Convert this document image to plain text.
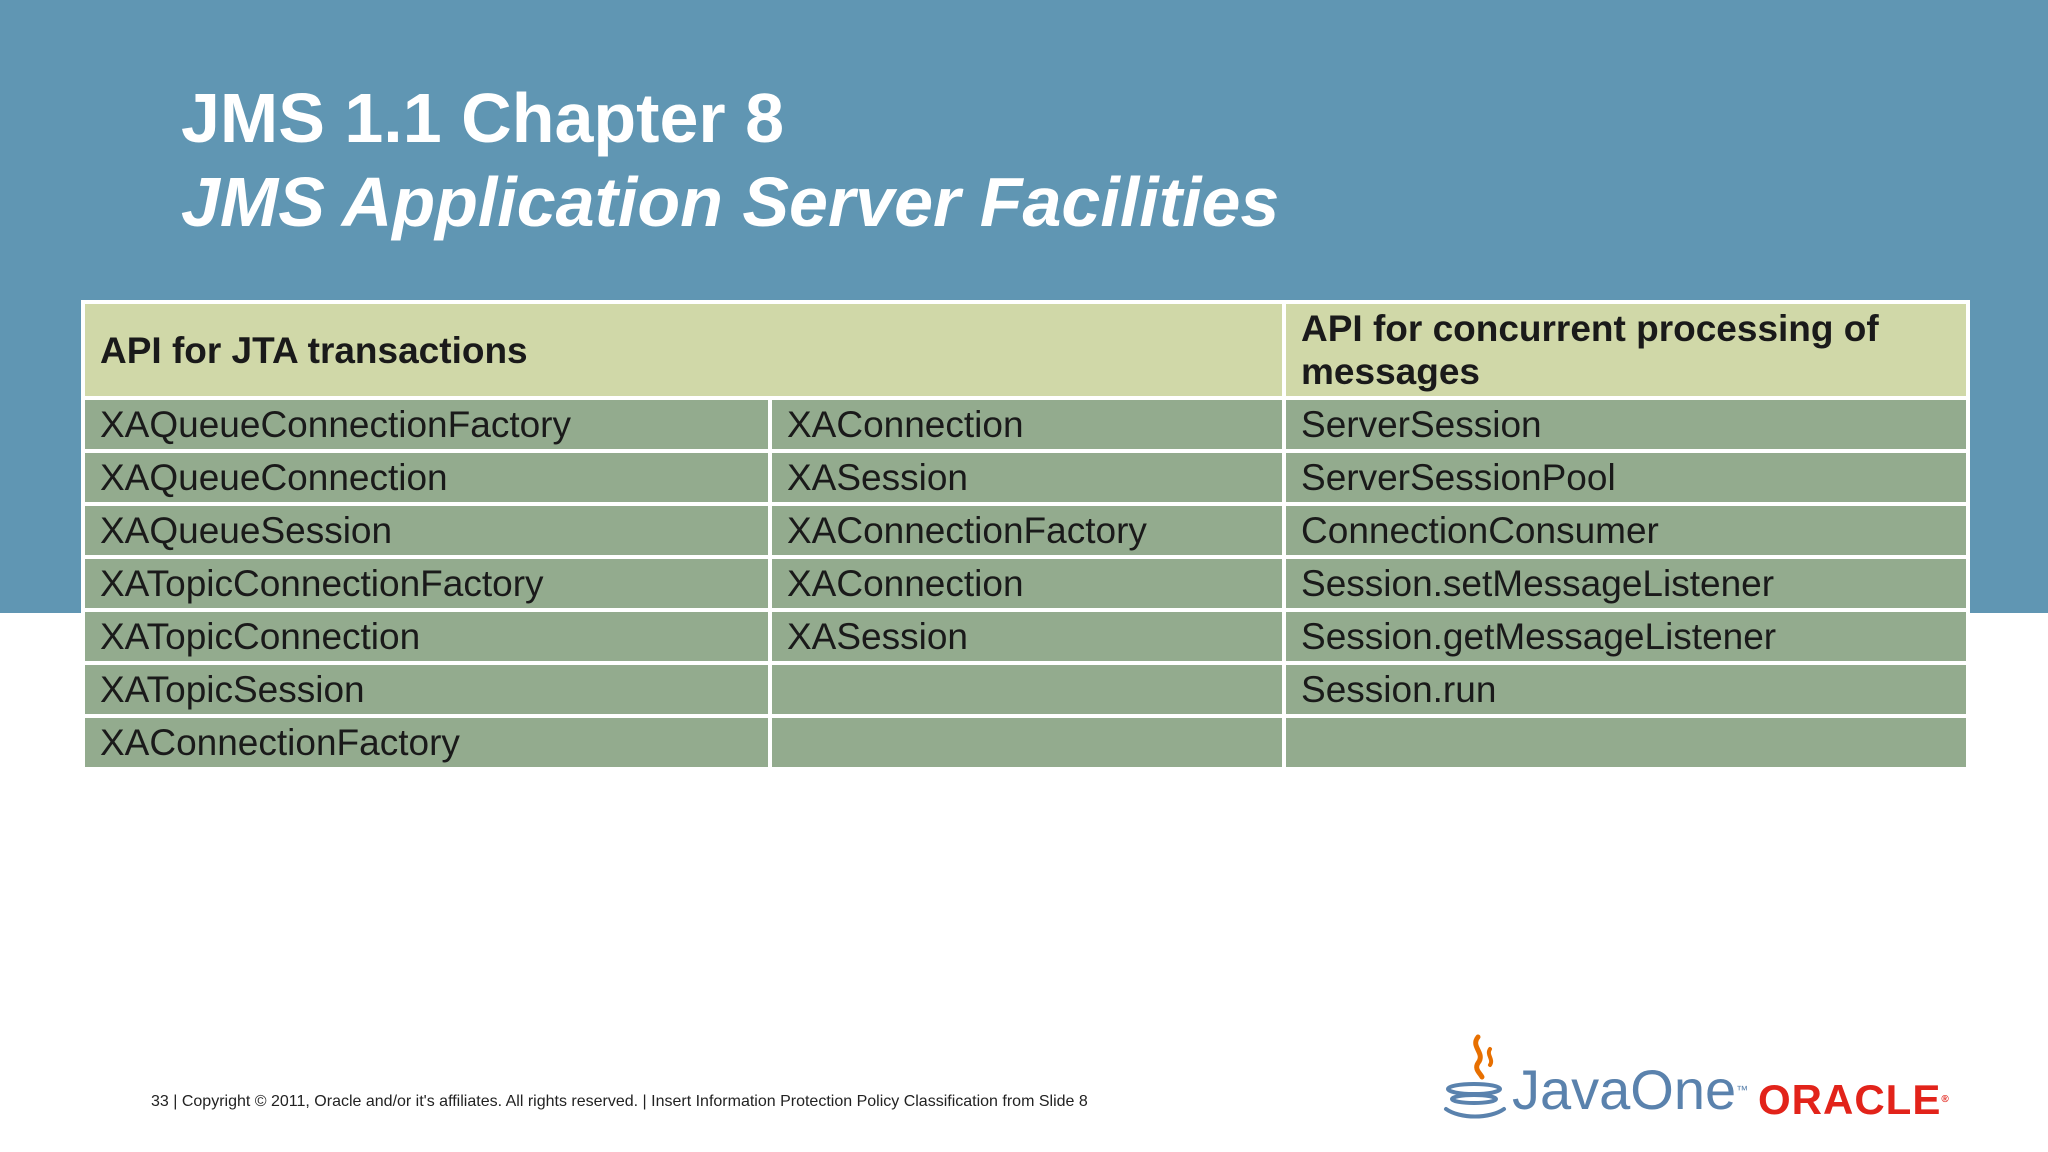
JMS 1.1 Chapter 8
JMS Application Server Facilities
API for JTA transactions		API for concurrent processing of messages
XAQueueConnectionFactory	XAConnection	ServerSession
XAQueueConnection	XASession	ServerSessionPool
XAQueueSession	XAConnectionFactory	ConnectionConsumer
XATopicConnectionFactory	XAConnection	Session.setMessageListener
XATopicConnection	XASession	Session.getMessageListener
XATopicSession		Session.run
XAConnectionFactory		
33 | Copyright © 2011, Oracle and/or it's affiliates. All rights reserved. | Insert Information Protection Policy Classification from Slide 8	JavaOne™ ORACLE®
